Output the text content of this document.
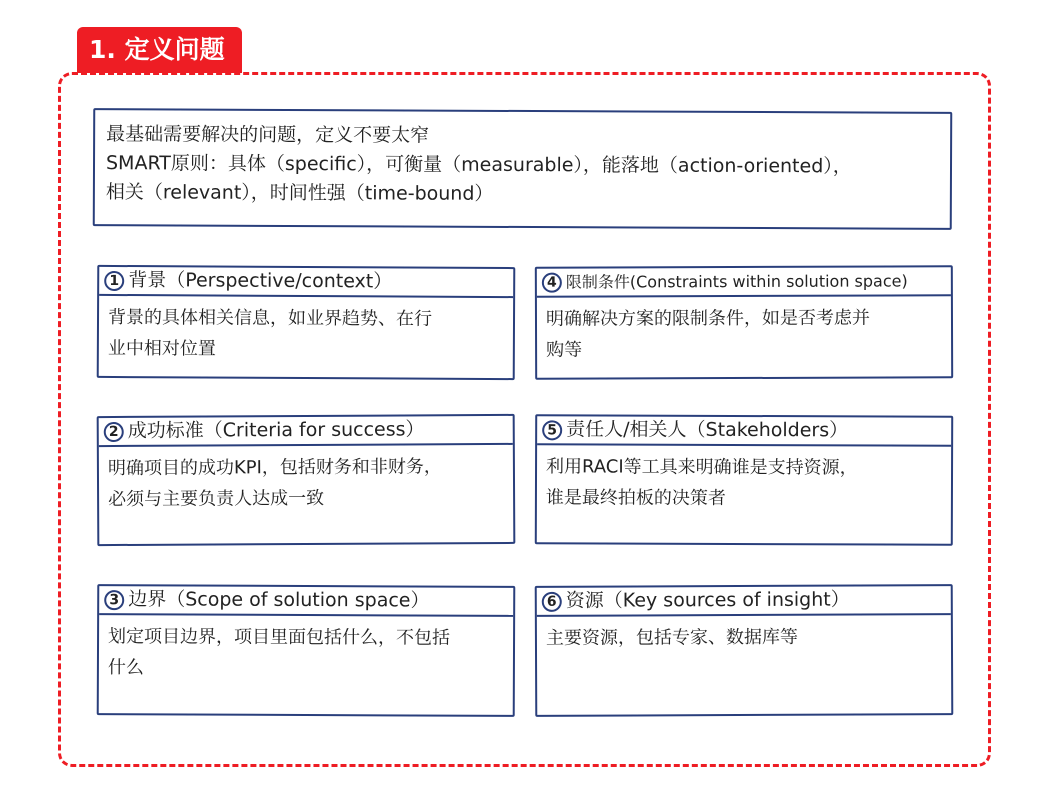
1. 定义问题
最基础需要解决的问题，定义不要太窄
SMART原则：具体（specific），可衡量（measurable），能落地（action-oriented），
相关（relevant），时间性强（time-bound）
1 背景（Perspective/context）
背景的具体相关信息，如业界趋势、在行
业中相对位置
4 限制条件(Constraints within solution space)
明确解决方案的限制条件，如是否考虑并
购等
2 成功标准（Criteria for success）
明确项目的成功KPI，包括财务和非财务，
必须与主要负责人达成一致
5 责任人/相关人（Stakeholders）
利用RACI等工具来明确谁是支持资源，
谁是最终拍板的决策者
3 边界（Scope of solution space）
划定项目边界，项目里面包括什么，不包括
什么
6 资源（Key sources of insight）
主要资源，包括专家、数据库等
